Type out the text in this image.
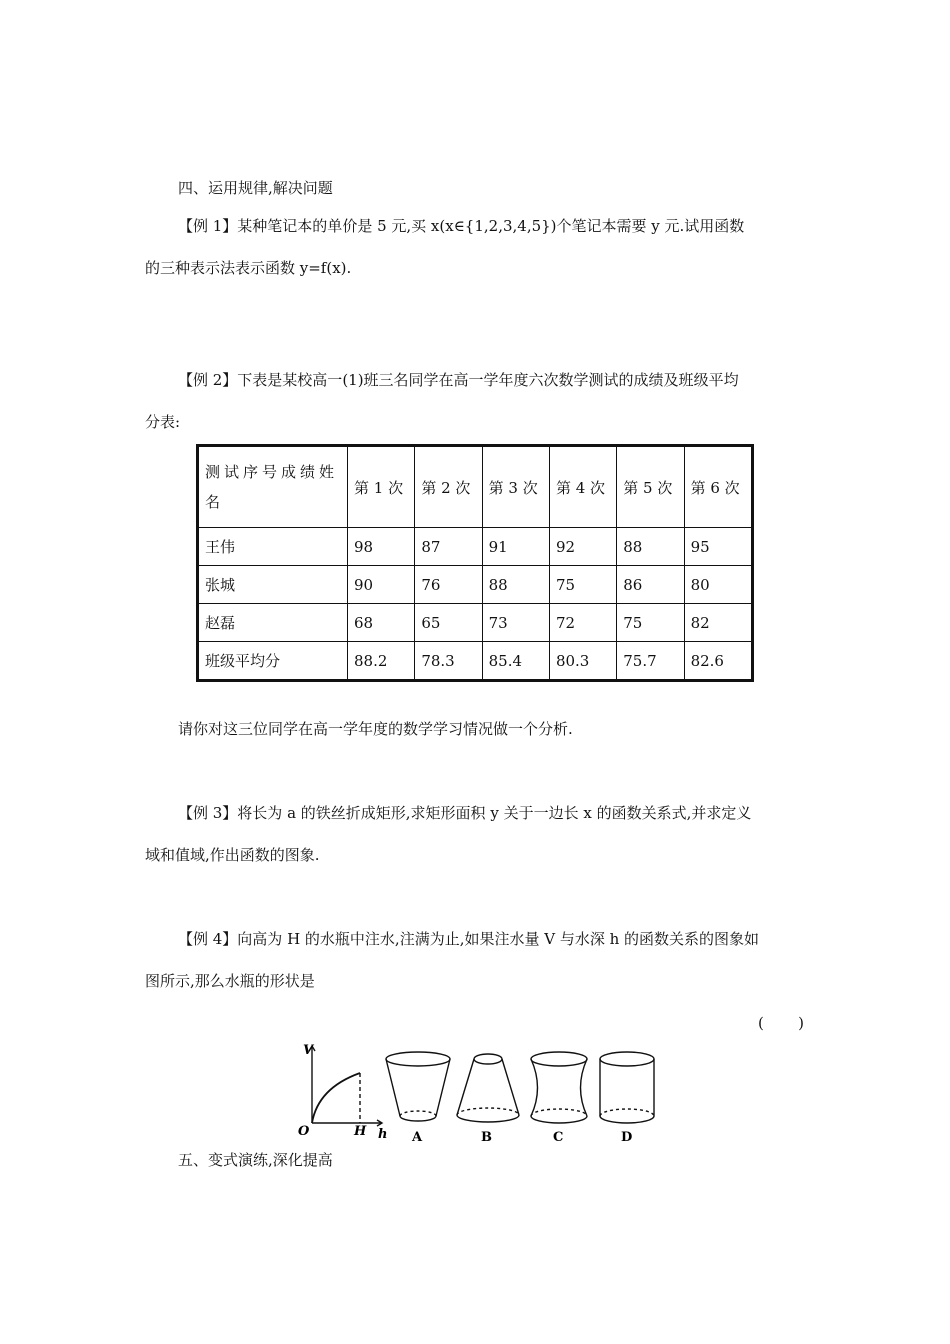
四、运用规律,解决问题
【例 1】某种笔记本的单价是 5 元,买 x(x∈{1,2,3,4,5})个笔记本需要 y 元.试用函数
的三种表示法表示函数 y=f(x).
【例 2】下表是某校高一(1)班三名同学在高一学年度六次数学测试的成绩及班级平均
分表:
测试序号成绩姓名	第 1 次	第 2 次	第 3 次	第 4 次	第 5 次	第 6 次
王伟	98	87	91	92	88	95
张城	90	76	88	75	86	80
赵磊	68	65	73	72	75	82
班级平均分	88.2	78.3	85.4	80.3	75.7	82.6
请你对这三位同学在高一学年度的数学学习情况做一个分析.
【例 3】将长为 a 的铁丝折成矩形,求矩形面积 y 关于一边长 x 的函数关系式,并求定义
域和值域,作出函数的图象.
【例 4】向高为 H 的水瓶中注水,注满为止,如果注水量 V 与水深 h 的函数关系的图象如
图所示,那么水瓶的形状是
( )
V
O	H h A	B	C	D
五、变式演练,深化提高
